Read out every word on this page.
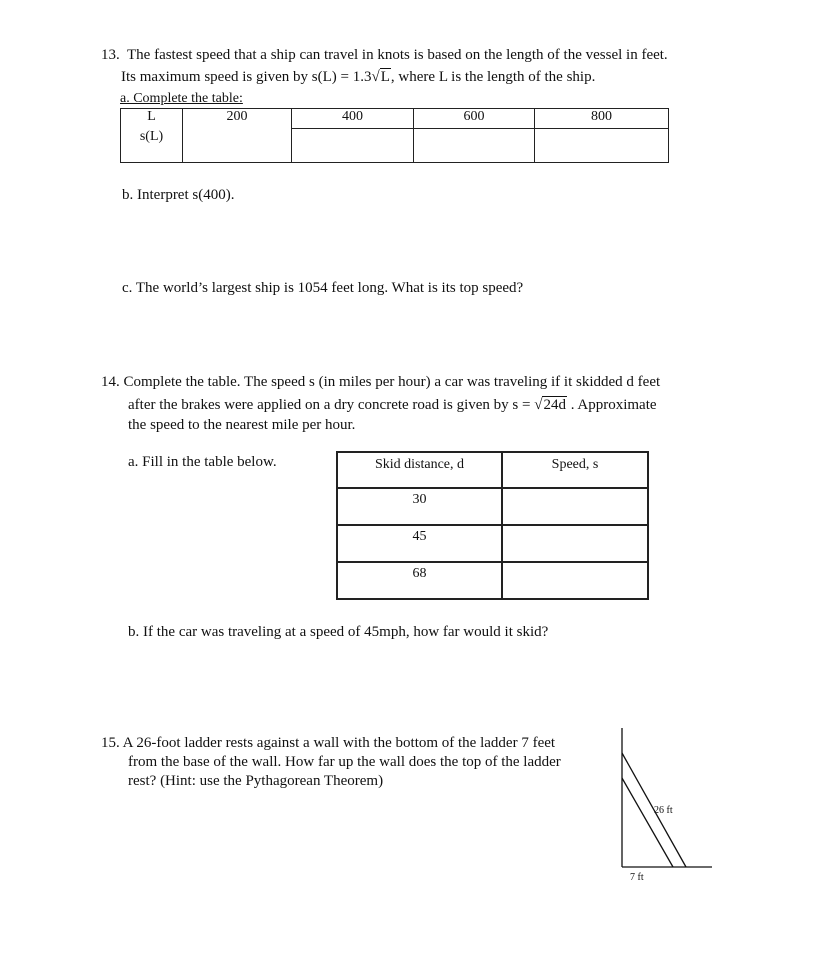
13. The fastest speed that a ship can travel in knots is based on the length of the vessel in feet.
Its maximum speed is given by s(L) = 1.3√L, where L is the length of the ship.
a. Complete the table:
L	200	400	600	800
s(L)				
b. Interpret s(400).
c. The world’s largest ship is 1054 feet long. What is its top speed?
14. Complete the table. The speed s (in miles per hour) a car was traveling if it skidded d feet
after the brakes were applied on a dry concrete road is given by s = √24d . Approximate
the speed to the nearest mile per hour.
a. Fill in the table below.	Skid distance, d	Speed, s
30	
45	
68	
b. If the car was traveling at a speed of 45mph, how far would it skid?
15. A 26-foot ladder rests against a wall with the bottom of the ladder 7 feet
from the base of the wall. How far up the wall does the top of the ladder
rest? (Hint: use the Pythagorean Theorem)
26 ft
7 ft
